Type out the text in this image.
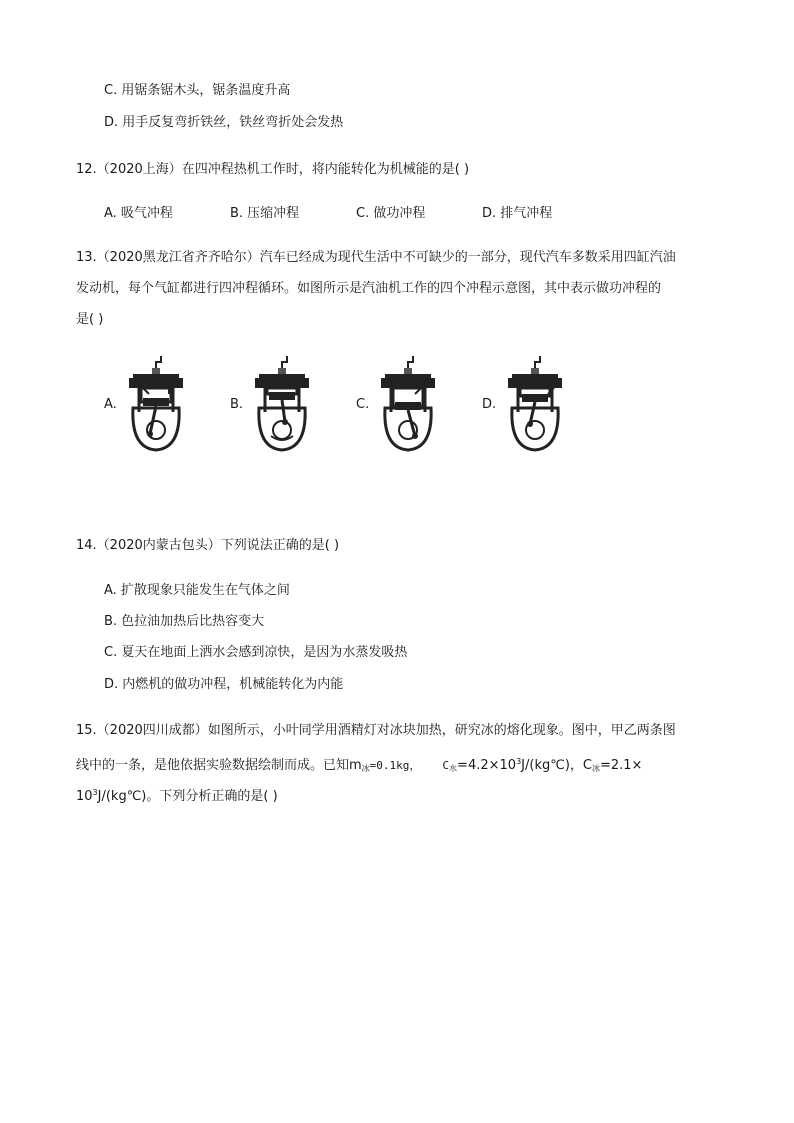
C. 用锯条锯木头，锯条温度升高
D. 用手反复弯折铁丝，铁丝弯折处会发热
12.（2020上海）在四冲程热机工作时，将内能转化为机械能的是( )
A. 吸气冲程	B. 压缩冲程	C. 做功冲程	D. 排气冲程
13.（2020黑龙江省齐齐哈尔）汽车已经成为现代生活中不可缺少的一部分，现代汽车多数采用四缸汽油
发动机，每个气缸都进行四冲程循环。如图所示是汽油机工作的四个冲程示意图，其中表示做功冲程的
是( )
A.	B.	C.	D.
14.（2020内蒙古包头）下列说法正确的是( )
A. 扩散现象只能发生在气体之间
B. 色拉油加热后比热容变大
C. 夏天在地面上洒水会感到凉快，是因为水蒸发吸热
D. 内燃机的做功冲程，机械能转化为内能
15.（2020四川成都）如图所示，小叶同学用酒精灯对冰块加热，研究冰的熔化现象。图中，甲乙两条图
线中的一条，是他依据实验数据绘制而成。已知$m_冰=0.1kg$， $C_水=4.2\times 10^3J/(kg℃)$，$C_冰=2.1\times$
$10^3J/(kg℃)$。下列分析正确的是( )
